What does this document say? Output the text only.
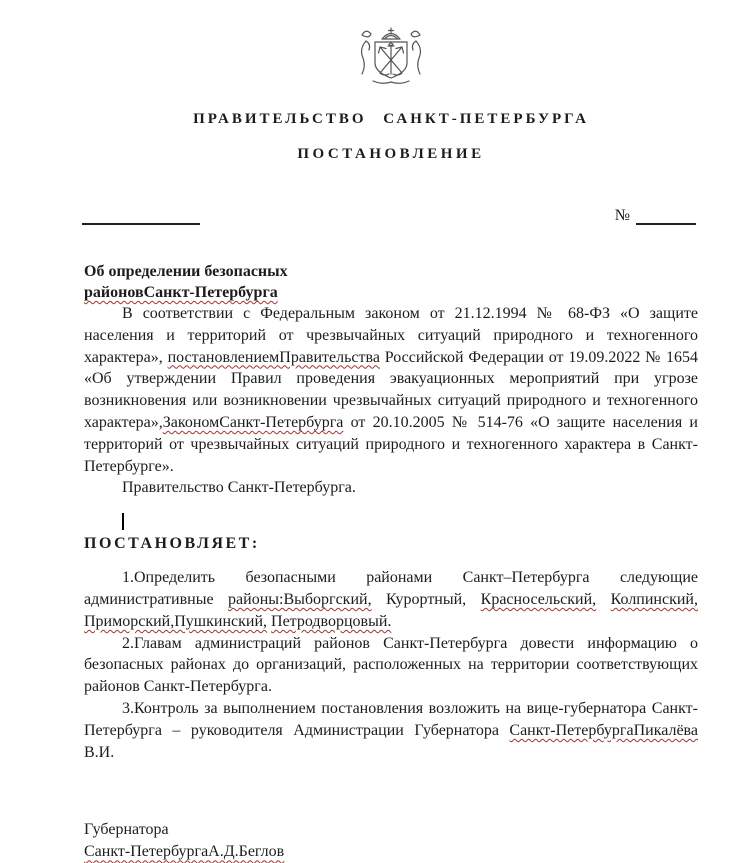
ПРАВИТЕЛЬСТВО САНКТ-ПЕТЕРБУРГА
ПОСТАНОВЛЕНИЕ
№
Об определении безопасных
районовСанкт-Петербурга

В соответствии с Федеральным законом от 21.12.1994 № 68-ФЗ «О защите населения и территорий от чрезвычайных ситуаций природного и техногенного характера», постановлениемПравительства Российской Федерации от 19.09.2022 № 1654 «Об утверждении Правил проведения эвакуационных мероприятий при угрозе возникновения или возникновении чрезвычайных ситуаций природного и техногенного характера»,ЗакономСанкт-Петербурга от 20.10.2005 № 514-76 «О защите населения и территорий от чрезвычайных ситуаций природного и техногенного характера в Санкт-Петербурге».

Правительство Санкт-Петербурга.

ПОСТАНОВЛЯЕТ:

1.Определить безопасными районами Санкт–Петербурга следующие административные районы:Выборгский, Курортный, Красносельский, Колпинский, Приморский,Пушкинский, Петродворцовый.

2.Главам администраций районов Санкт-Петербурга довести информацию о безопасных районах до организаций, расположенных на территории соответствующих районов Санкт-Петербурга.

3.Контроль за выполнением постановления возложить на вице-губернатора Санкт-Петербурга – руководителя Администрации Губернатора Санкт-ПетербургаПикалёва В.И.

Губернатора
Санкт-ПетербургаА.Д.Беглов
